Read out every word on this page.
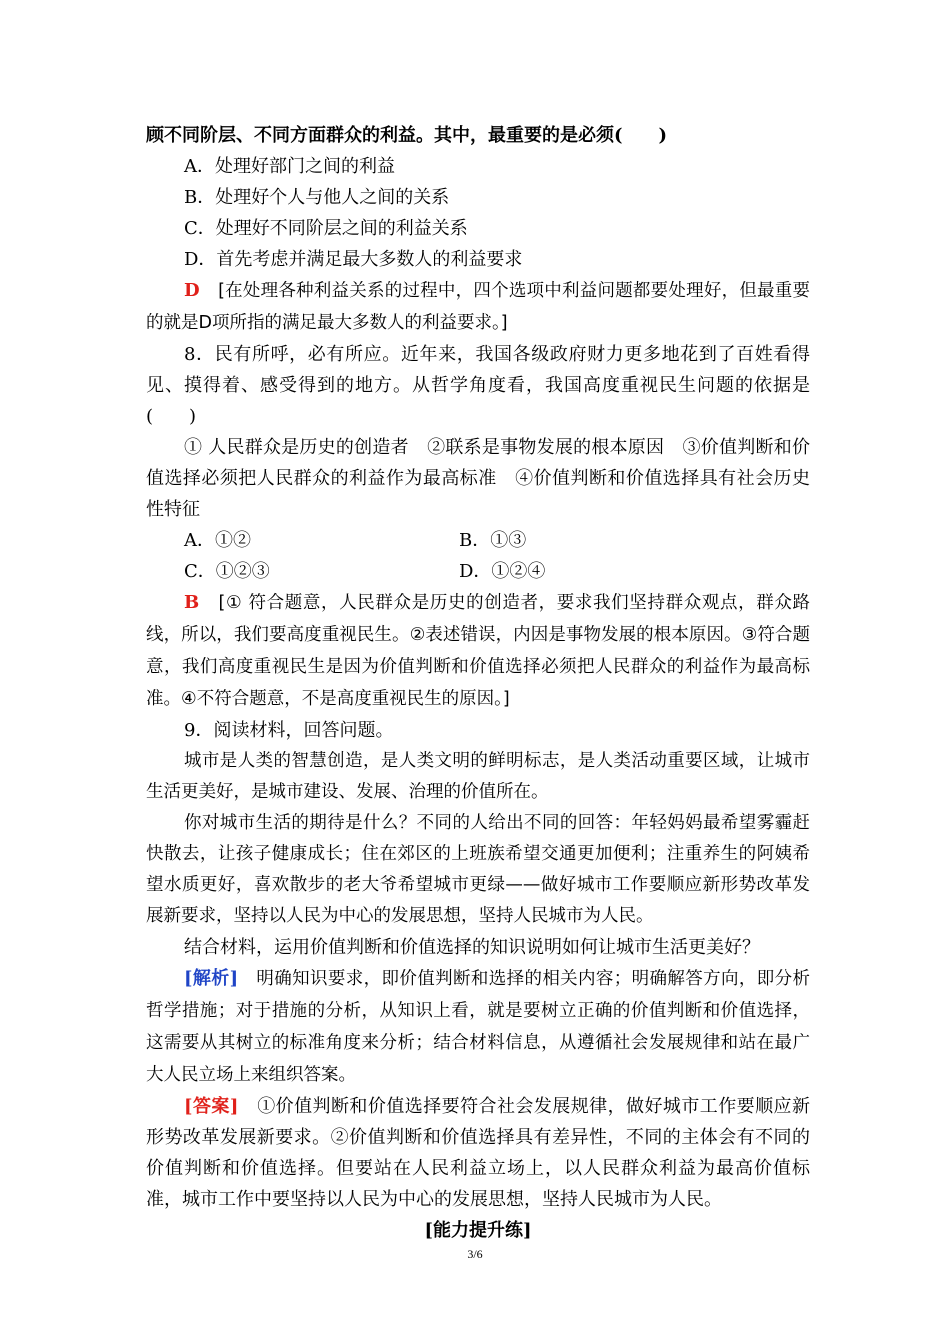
顾不同阶层、不同方面群众的利益。其中，最重要的是必须(　　)

A．处理好部门之间的利益

B．处理好个人与他人之间的关系

C．处理好不同阶层之间的利益关系

D．首先考虑并满足最大多数人的利益要求

D　 [在处理各种利益关系的过程中，四个选项中利益问题都要处理好，但最重要的就是D项所指的满足最大多数人的利益要求。]

8．民有所呼，必有所应。近年来，我国各级政府财力更多地花到了百姓看得见、摸得着、感受得到的地方。从哲学角度看，我国高度重视民生问题的依据是(　　)

① 人民群众是历史的创造者　②联系是事物发展的根本原因　③价值判断和价值选择必须把人民群众的利益作为最高标准　④价值判断和价值选择具有社会历史性特征

A．①②	B．①③
C．①②③	D．①②④

B　 [① 符合题意，人民群众是历史的创造者，要求我们坚持群众观点，群众路线，所以，我们要高度重视民生。②表述错误，内因是事物发展的根本原因。③符合题意，我们高度重视民生是因为价值判断和价值选择必须把人民群众的利益作为最高标准。④不符合题意，不是高度重视民生的原因。]

9．阅读材料，回答问题。

城市是人类的智慧创造，是人类文明的鲜明标志，是人类活动重要区域，让城市生活更美好，是城市建设、发展、治理的价值所在。

你对城市生活的期待是什么？不同的人给出不同的回答：年轻妈妈最希望雾霾赶快散去，让孩子健康成长；住在郊区的上班族希望交通更加便利；注重养生的阿姨希望水质更好，喜欢散步的老大爷希望城市更绿——做好城市工作要顺应新形势改革发展新要求，坚持以人民为中心的发展思想，坚持人民城市为人民。

结合材料，运用价值判断和价值选择的知识说明如何让城市生活更美好？

[解析]　明确知识要求，即价值判断和选择的相关内容；明确解答方向，即分析哲学措施；对于措施的分析，从知识上看，就是要树立正确的价值判断和价值选择，这需要从其树立的标准角度来分析；结合材料信息，从遵循社会发展规律和站在最广大人民立场上来组织答案。

[答案]　①价值判断和价值选择要符合社会发展规律，做好城市工作要顺应新形势改革发展新要求。②价值判断和价值选择具有差异性，不同的主体会有不同的价值判断和价值选择。但要站在人民利益立场上，以人民群众利益为最高价值标准，城市工作中要坚持以人民为中心的发展思想，坚持人民城市为人民。

[能力提升练]

3/6
